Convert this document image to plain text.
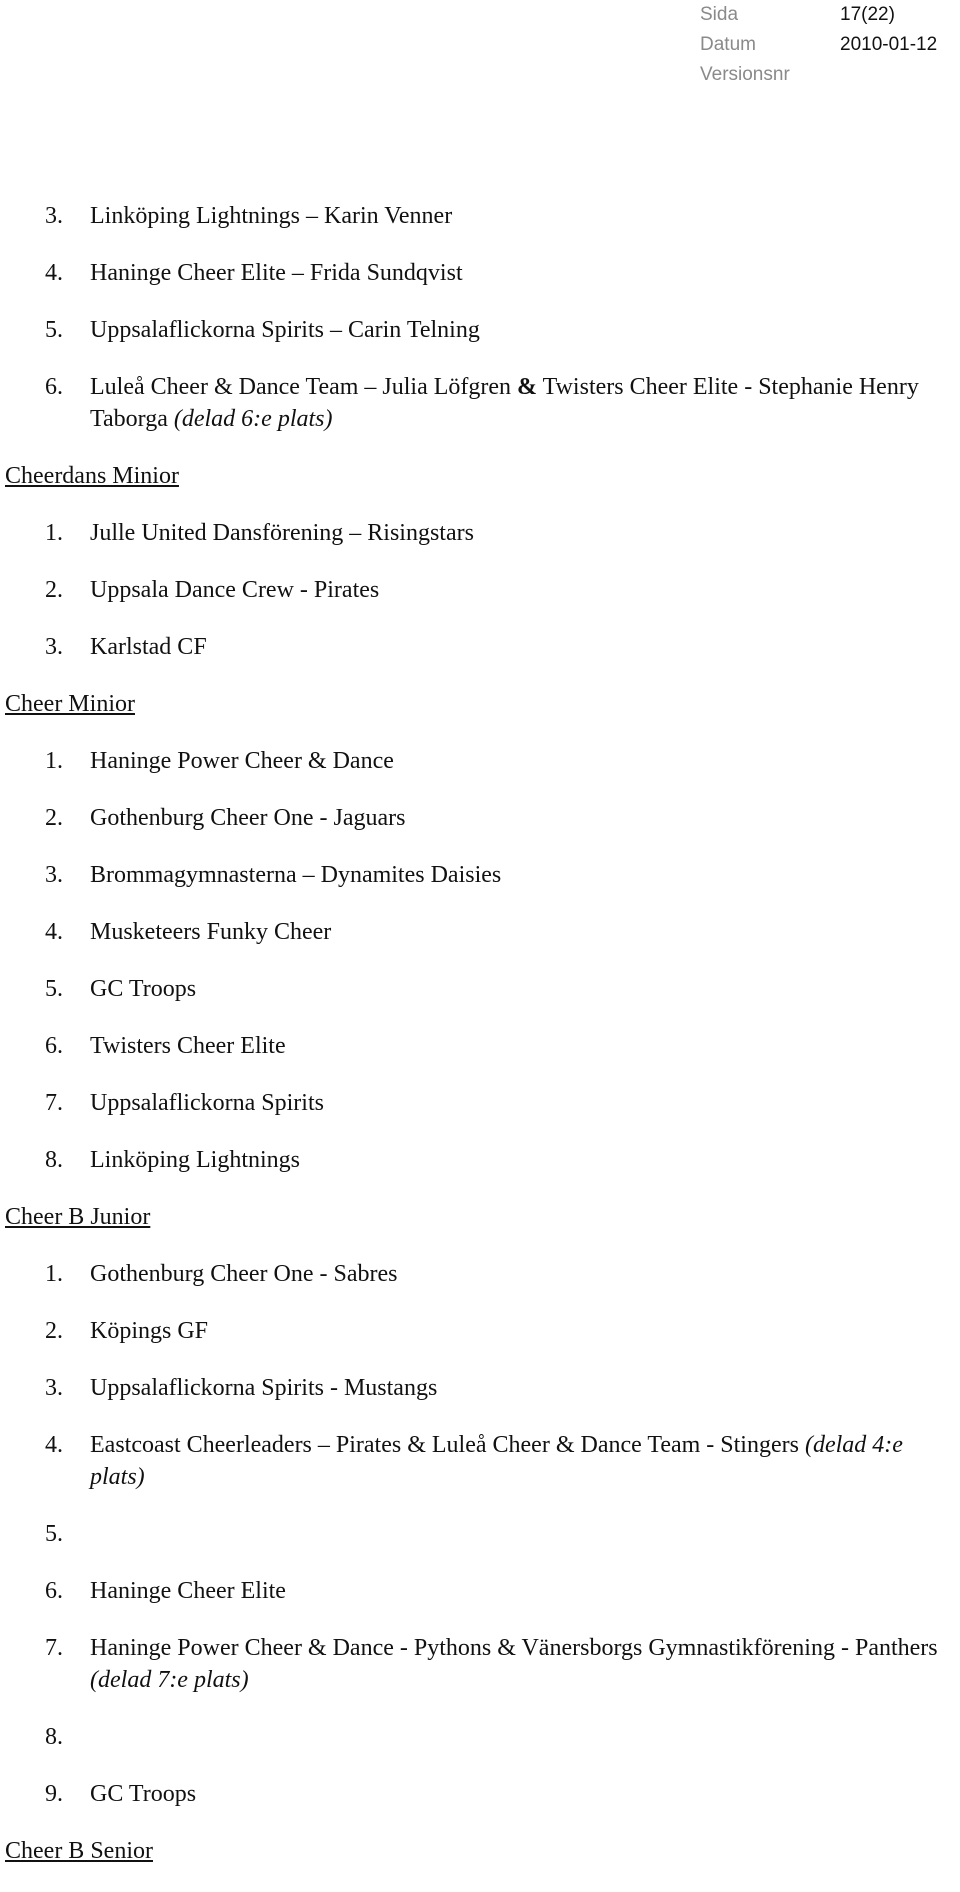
Sida	17(22)
Datum	2010-01-12
Versionsnr
3.	Linköping Lightnings – Karin Venner
4.	Haninge Cheer Elite – Frida Sundqvist
5.	Uppsalaflickorna Spirits – Carin Telning
6.	Luleå Cheer & Dance Team – Julia Löfgren & Twisters Cheer Elite - Stephanie Henry Taborga (delad 6:e plats)
Cheerdans Minior
1.	Julle United Dansförening – Risingstars
2.	Uppsala Dance Crew - Pirates
3.	Karlstad CF
Cheer Minior
1.	Haninge Power Cheer & Dance
2.	Gothenburg Cheer One - Jaguars
3.	Brommagymnasterna – Dynamites Daisies
4.	Musketeers Funky Cheer
5.	GC Troops
6.	Twisters Cheer Elite
7.	Uppsalaflickorna Spirits
8.	Linköping Lightnings
Cheer B Junior
1.	Gothenburg Cheer One - Sabres
2.	Köpings GF
3.	Uppsalaflickorna Spirits - Mustangs
4.	Eastcoast Cheerleaders – Pirates & Luleå Cheer & Dance Team - Stingers (delad 4:e plats)
5.
6.	Haninge Cheer Elite
7.	Haninge Power Cheer & Dance - Pythons & Vänersborgs Gymnastikförening - Panthers (delad 7:e plats)
8.
9.	GC Troops
Cheer B Senior
